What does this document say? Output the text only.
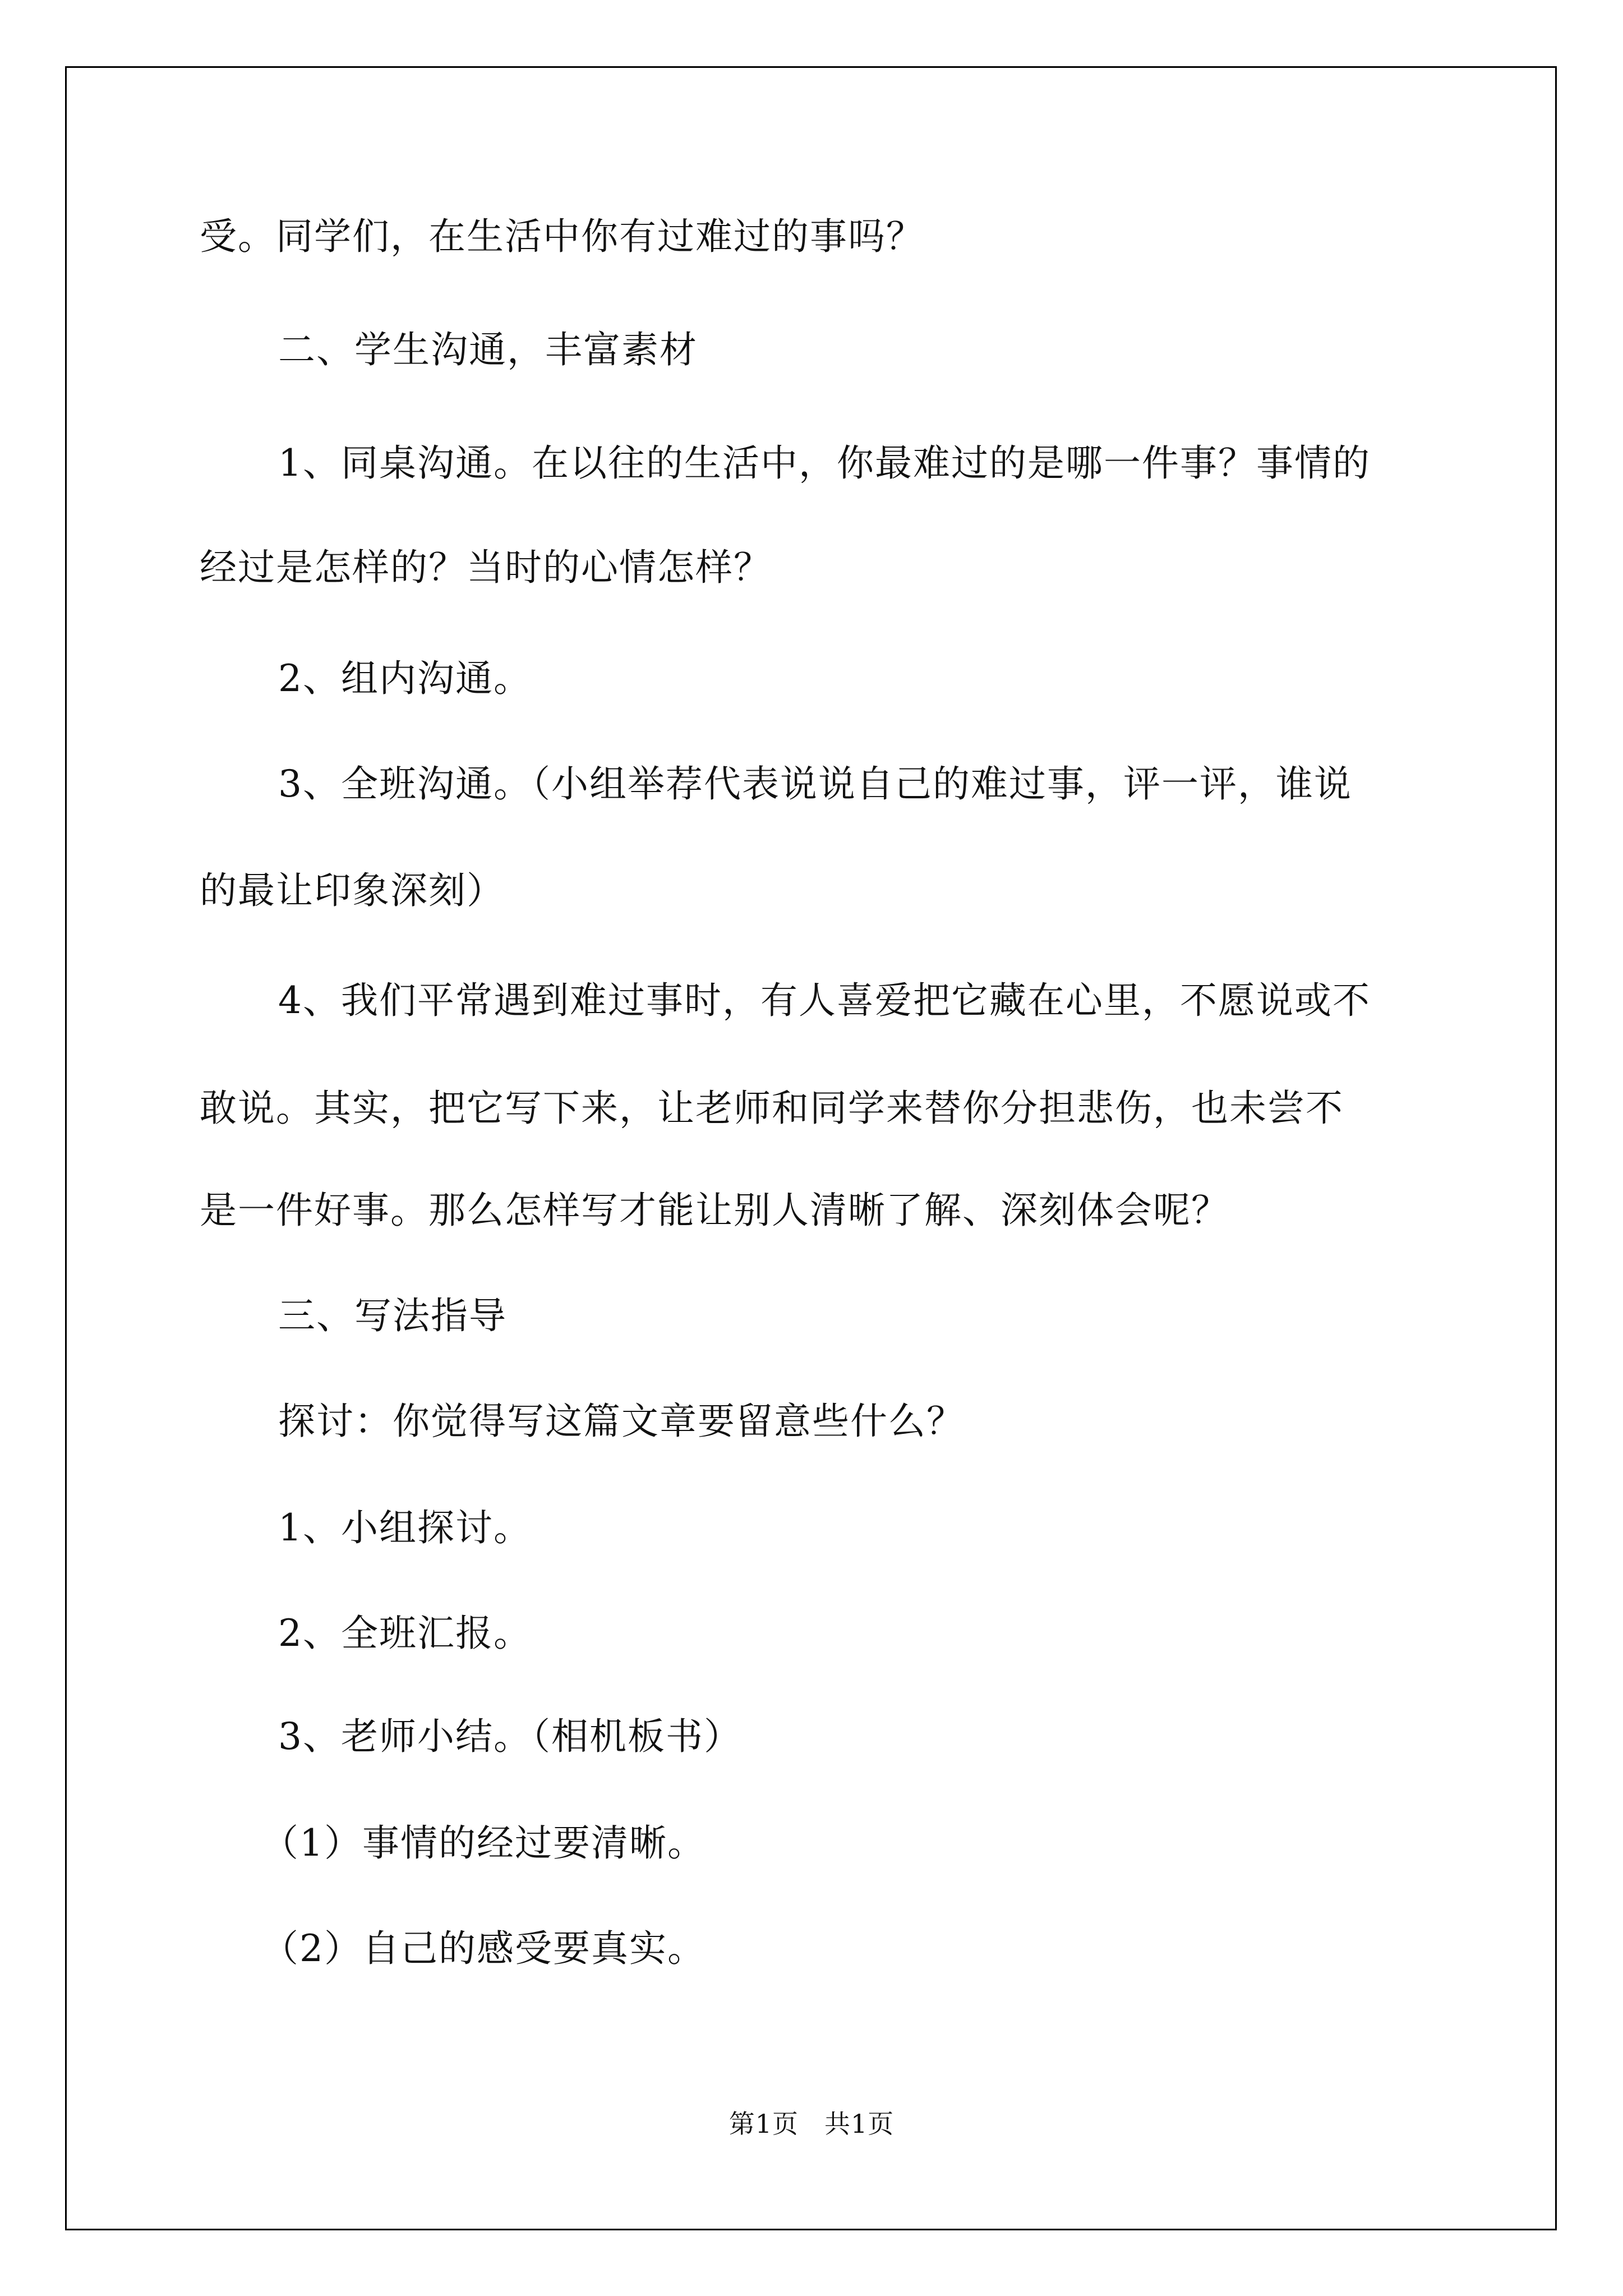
受。同学们，在生活中你有过难过的事吗？
二、学生沟通，丰富素材
1、同桌沟通。在以往的生活中，你最难过的是哪一件事？事情的
经过是怎样的？当时的心情怎样？
2、组内沟通。
3、全班沟通。（小组举荐代表说说自己的难过事，评一评，谁说
的最让印象深刻）
4、我们平常遇到难过事时，有人喜爱把它藏在心里，不愿说或不
敢说。其实，把它写下来，让老师和同学来替你分担悲伤，也未尝不
是一件好事。那么怎样写才能让别人清晰了解、深刻体会呢？
三、写法指导
探讨：你觉得写这篇文章要留意些什么？
1、小组探讨。
2、全班汇报。
3、老师小结。（相机板书）
（1）事情的经过要清晰。
（2）自己的感受要真实。
第1页 共1页
